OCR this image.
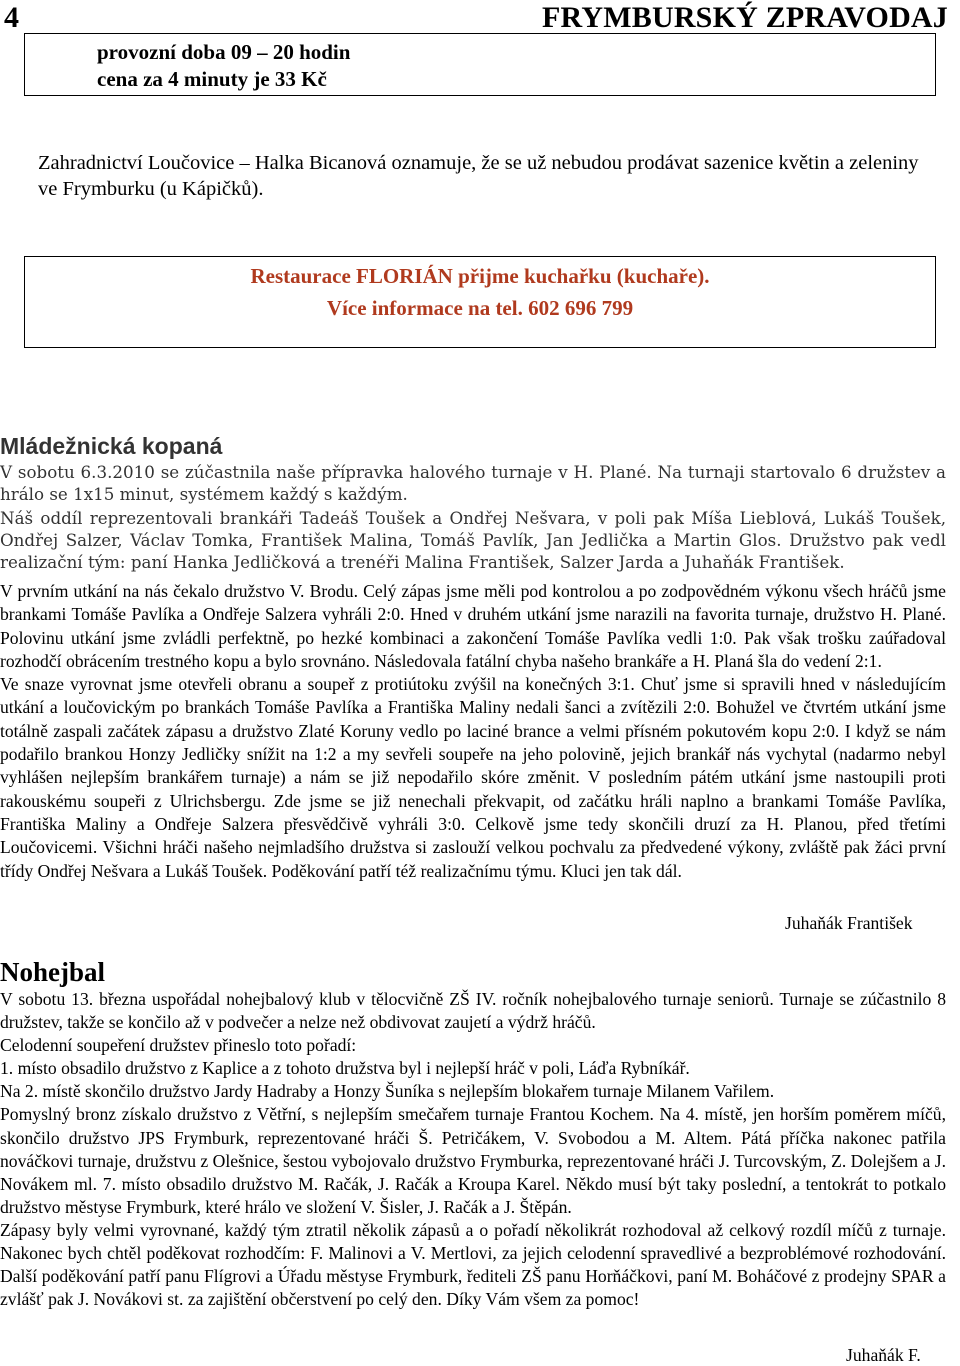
4	FRYMBURSKÝ ZPRAVODAJ
provozní doba 09 – 20 hodin
cena za 4 minuty je 33 Kč

Zahradnictví Loučovice – Halka Bicanová oznamuje, že se už nebudou prodávat sazenice květin a zeleniny ve Frymburku (u Kápičků).

Restaurace FLORIÁN přijme kuchařku (kuchaře).
Více informace na tel. 602 696 799
Mládežnická kopaná

V sobotu 6.3.2010 se zúčastnila naše přípravka halového turnaje v H. Plané. Na turnaji startovalo 6 družstev a hrálo se 1x15 minut, systémem každý s každým.

Náš oddíl reprezentovali brankáři Tadeáš Toušek a Ondřej Nešvara, v poli pak Míša Lieblová, Lukáš Toušek, Ondřej Salzer, Václav Tomka, František Malina, Tomáš Pavlík, Jan Jedlička a Martin Glos. Družstvo pak vedl realizační tým: paní Hanka Jedličková a trenéři Malina František, Salzer Jarda a Juhaňák František.

V prvním utkání na nás čekalo družstvo V. Brodu. Celý zápas jsme měli pod kontrolou a po zodpovědném výkonu všech hráčů jsme brankami Tomáše Pavlíka a Ondřeje Salzera vyhráli 2:0. Hned v druhém utkání jsme narazili na favorita turnaje, družstvo H. Plané. Polovinu utkání jsme zvládli perfektně, po hezké kombinaci a zakončení Tomáše Pavlíka vedli 1:0. Pak však trošku zaúřadoval rozhodčí obrácením trestného kopu a bylo srovnáno. Následovala fatální chyba našeho brankáře a H. Planá šla do vedení 2:1.

Ve snaze vyrovnat jsme otevřeli obranu a soupeř z protiútoku zvýšil na konečných 3:1. Chuť jsme si spravili hned v následujícím utkání a loučovickým po brankách Tomáše Pavlíka a Františka Maliny nedali šanci a zvítězili 2:0. Bohužel ve čtvrtém utkání jsme totálně zaspali začátek zápasu a družstvo Zlaté Koruny vedlo po laciné brance a velmi přísném pokutovém kopu 2:0. I když se nám podařilo brankou Honzy Jedličky snížit na 1:2 a my sevřeli soupeře na jeho polovině, jejich brankář nás vychytal (nadarmo nebyl vyhlášen nejlepším brankářem turnaje) a nám se již nepodařilo skóre změnit. V posledním pátém utkání jsme nastoupili proti rakouskému soupeři z Ulrichsbergu. Zde jsme se již nenechali překvapit, od začátku hráli naplno a brankami Tomáše Pavlíka, Františka Maliny a Ondřeje Salzera přesvědčivě vyhráli 3:0. Celkově jsme tedy skončili druzí za H. Planou, před třetími Loučovicemi. Všichni hráči našeho nejmladšího družstva si zaslouží velkou pochvalu za předvedené výkony, zvláště pak žáci první třídy Ondřej Nešvara a Lukáš Toušek. Poděkování patří též realizačnímu týmu. Kluci jen tak dál.

Juhaňák František
Nohejbal

V sobotu 13. března uspořádal nohejbalový klub v tělocvičně ZŠ IV. ročník nohejbalového turnaje seniorů. Turnaje se zúčastnilo 8 družstev, takže se končilo až v podvečer a nelze než obdivovat zaujetí a výdrž hráčů.

Celodenní soupeření družstev přineslo toto pořadí:

1. místo obsadilo družstvo z Kaplice a z tohoto družstva byl i nejlepší hráč v poli, Láďa Rybníkář.

Na 2. místě skončilo družstvo Jardy Hadraby a Honzy Šuníka s nejlepším blokařem turnaje Milanem Vařilem.

Pomyslný bronz získalo družstvo z Větřní, s nejlepším smečařem turnaje Frantou Kochem. Na 4. místě, jen horším poměrem míčů, skončilo družstvo JPS Frymburk, reprezentované hráči Š. Petričákem, V. Svobodou a M. Altem. Pátá příčka nakonec patřila nováčkovi turnaje, družstvu z Olešnice, šestou vybojovalo družstvo Frymburka, reprezentované hráči J. Turcovským, Z. Dolejšem a J. Novákem ml. 7. místo obsadilo družstvo M. Račák, J. Račák a Kroupa Karel. Někdo musí být taky poslední, a tentokrát to potkalo družstvo městyse Frymburk, které hrálo ve složení V. Šisler, J. Račák a J. Štěpán.

Zápasy byly velmi vyrovnané, každý tým ztratil několik zápasů a o pořadí několikrát rozhodoval až celkový rozdíl míčů z turnaje. Nakonec bych chtěl poděkovat rozhodčím: F. Malinovi a V. Mertlovi, za jejich celodenní spravedlivé a bezproblémové rozhodování. Další poděkování patří panu Flígrovi a Úřadu městyse Frymburk, řediteli ZŠ panu Horňáčkovi, paní M. Boháčové z prodejny SPAR a zvlášť pak J. Novákovi st. za zajištění občerstvení po celý den. Díky Vám všem za pomoc!

Juhaňák F.
